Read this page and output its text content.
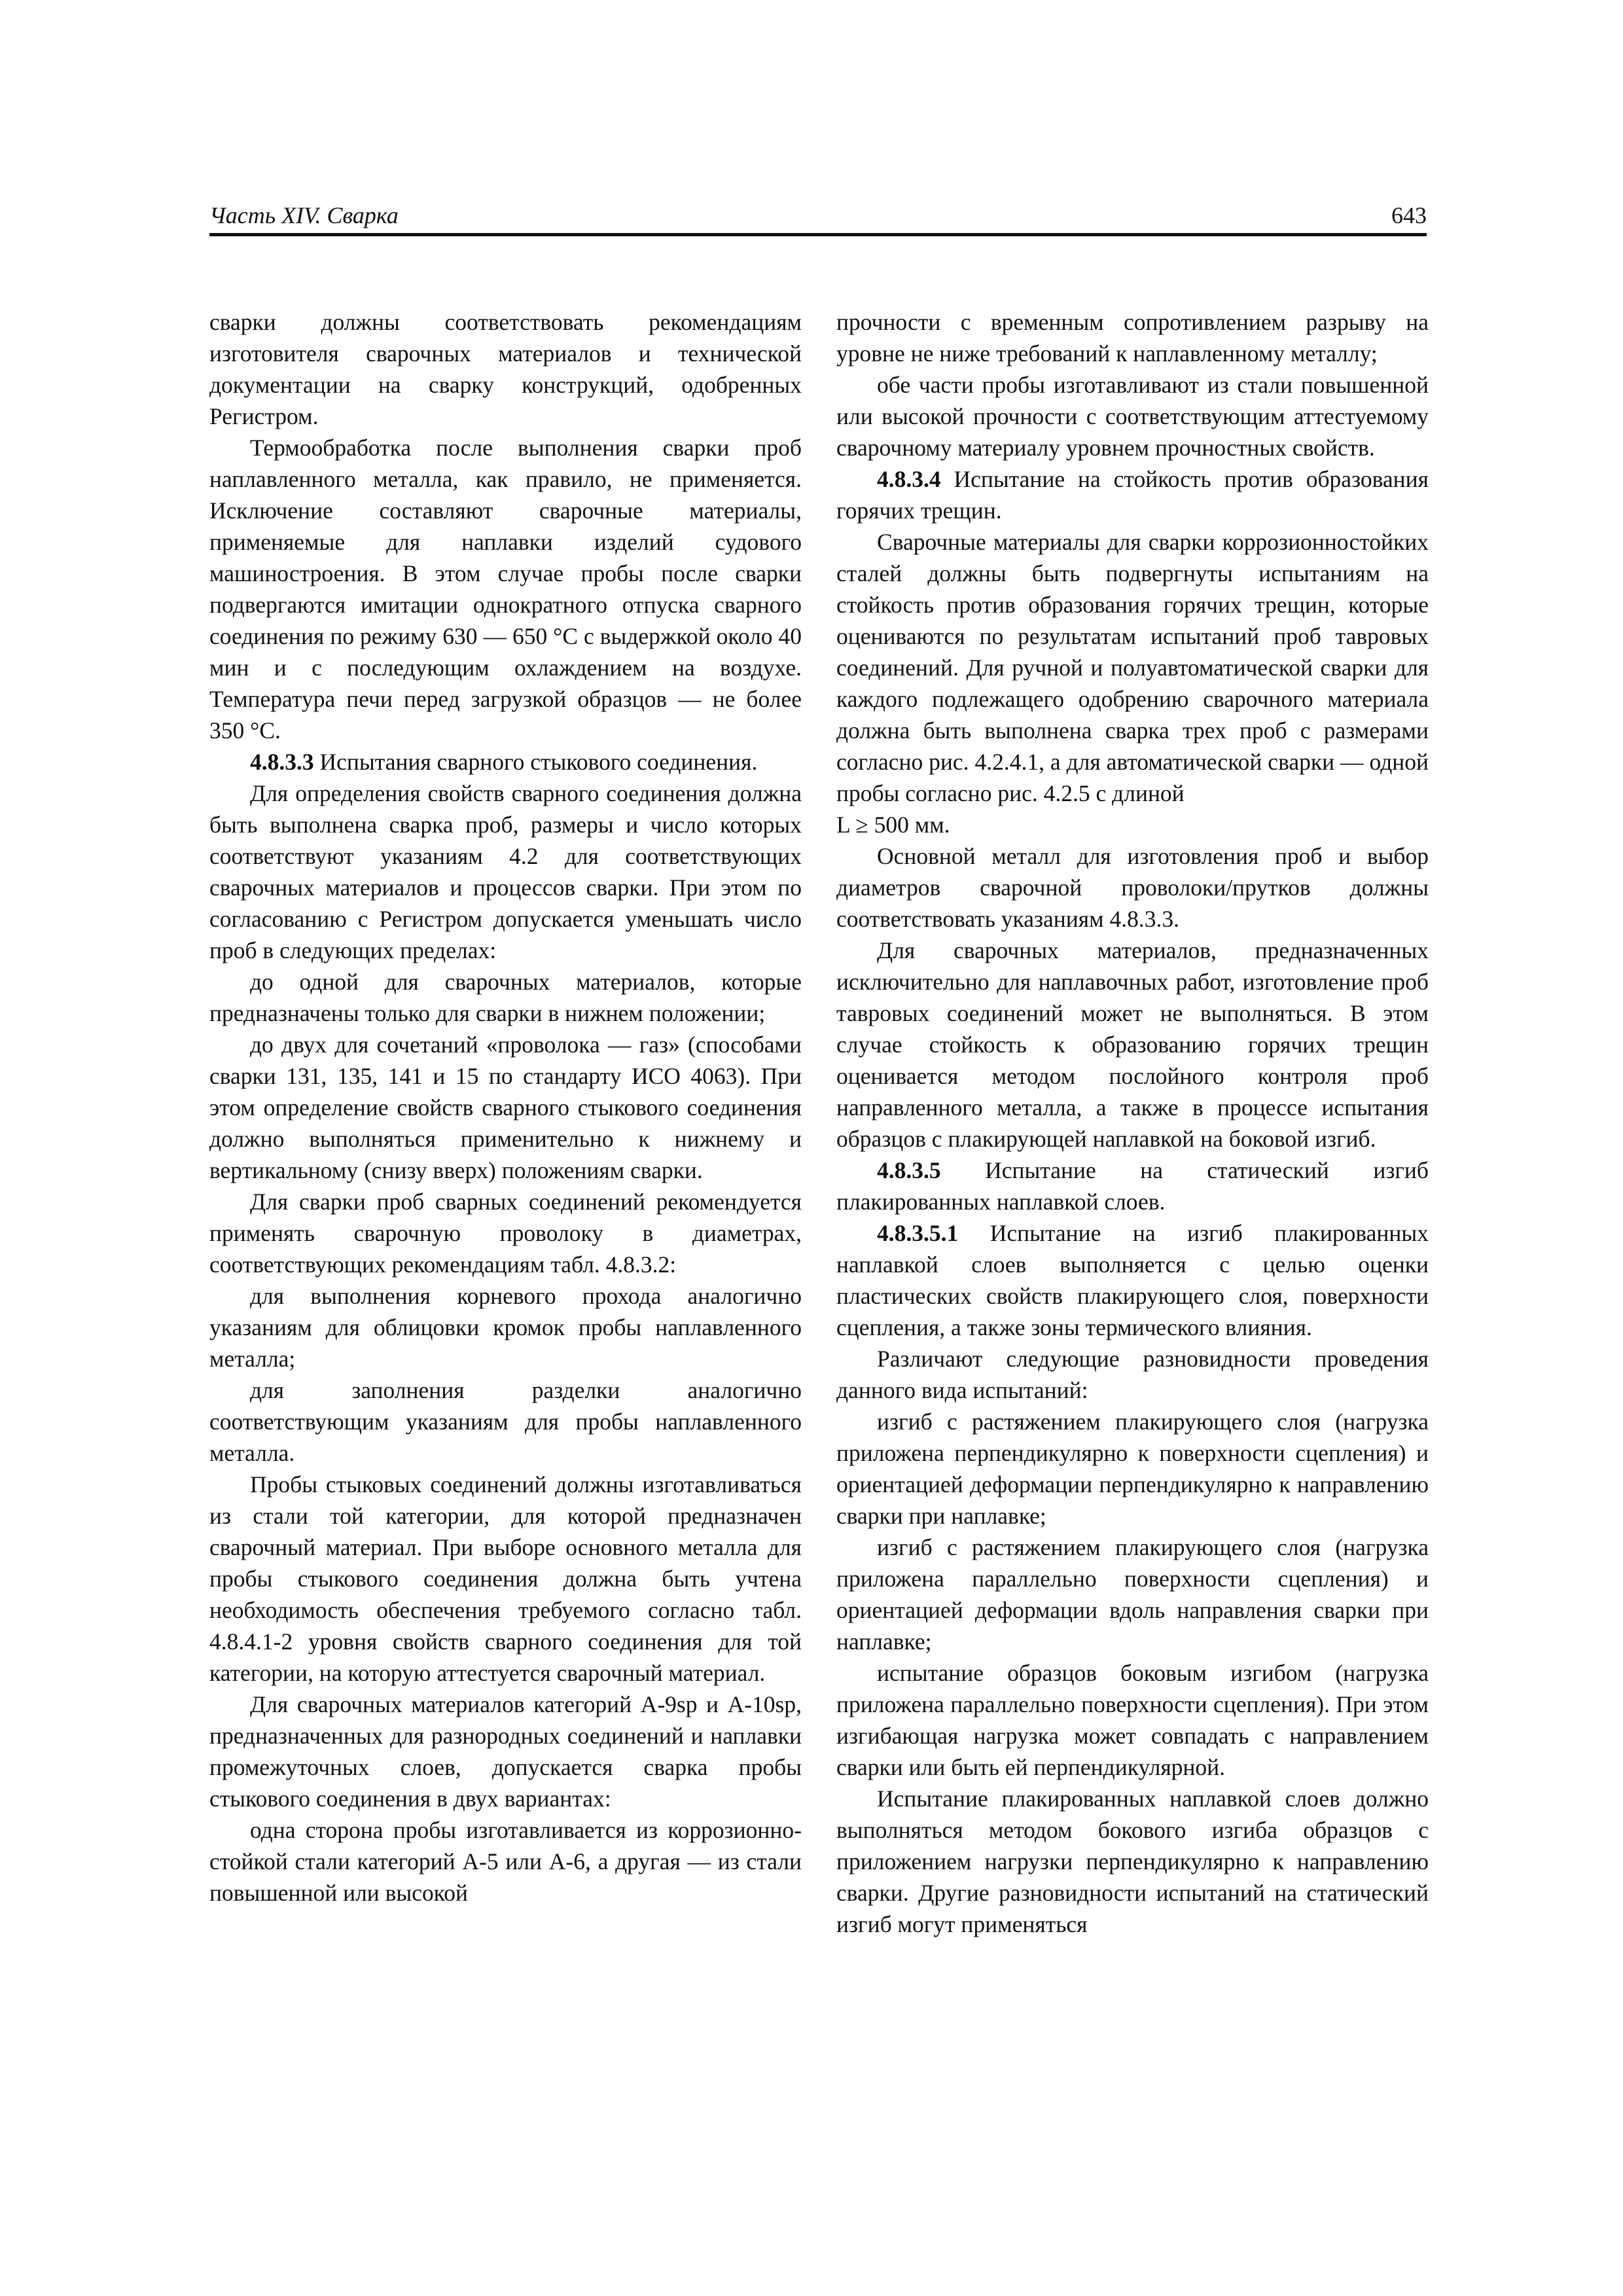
Часть XIV. Сварка	643

сварки должны соответствовать рекомендациям изготовителя сварочных материалов и технической документации на сварку конструкций, одобренных Регистром.

Термообработка после выполнения сварки проб наплавленного металла, как правило, не применяется. Исключение составляют сварочные материалы, применяемые для наплавки изделий судового машиностроения. В этом случае пробы после сварки подвергаются имитации однократного отпуска сварного соединения по режиму 630 — 650 °С с выдержкой около 40 мин и с последующим охлаждением на воздухе. Температура печи перед загрузкой образцов — не более 350 °С.

4.8.3.3 Испытания сварного стыкового соединения.

Для определения свойств сварного соединения должна быть выполнена сварка проб, размеры и число которых соответствуют указаниям 4.2 для соответствующих сварочных материалов и процессов сварки. При этом по согласованию с Регистром допускается уменьшать число проб в следующих пределах:

до одной для сварочных материалов, которые предназначены только для сварки в нижнем положении;

до двух для сочетаний «проволока — газ» (способами сварки 131, 135, 141 и 15 по стандарту ИСО 4063). При этом определение свойств сварного стыкового соединения должно выполняться применительно к нижнему и вертикальному (снизу вверх) положениям сварки.

Для сварки проб сварных соединений рекомендуется применять сварочную проволоку в диаметрах, соответствующих рекомендациям табл. 4.8.3.2:

для выполнения корневого прохода аналогично указаниям для облицовки кромок пробы наплавленного металла;

для заполнения разделки аналогично соответствующим указаниям для пробы наплавленного металла.

Пробы стыковых соединений должны изготавливаться из стали той категории, для которой предназначен сварочный материал. При выборе основного металла для пробы стыкового соединения должна быть учтена необходимость обеспечения требуемого согласно табл. 4.8.4.1-2 уровня свойств сварного соединения для той категории, на которую аттестуется сварочный материал.

Для сварочных материалов категорий А-9sp и А-10sp, предназначенных для разнородных соединений и наплавки промежуточных слоев, допускается сварка пробы стыкового соединения в двух вариантах:

одна сторона пробы изготавливается из коррозионно-стойкой стали категорий А-5 или А-6, а другая — из стали повышенной или высокой

прочности с временным сопротивлением разрыву на уровне не ниже требований к наплавленному металлу;

обе части пробы изготавливают из стали повышенной или высокой прочности с соответствующим аттестуемому сварочному материалу уровнем прочностных свойств.

4.8.3.4 Испытание на стойкость против образования горячих трещин.

Сварочные материалы для сварки коррозионностойких сталей должны быть подвергнуты испытаниям на стойкость против образования горячих трещин, которые оцениваются по результатам испытаний проб тавровых соединений. Для ручной и полуавтоматической сварки для каждого подлежащего одобрению сварочного материала должна быть выполнена сварка трех проб с размерами согласно рис. 4.2.4.1, а для автоматической сварки — одной пробы согласно рис. 4.2.5 с длиной

L ≥ 500 мм.

Основной металл для изготовления проб и выбор диаметров сварочной проволоки/прутков должны соответствовать указаниям 4.8.3.3.

Для сварочных материалов, предназначенных исключительно для наплавочных работ, изготовление проб тавровых соединений может не выполняться. В этом случае стойкость к образованию горячих трещин оценивается методом послойного контроля проб направленного металла, а также в процессе испытания образцов с плакирующей наплавкой на боковой изгиб.

4.8.3.5 Испытание на статический изгиб плакированных наплавкой слоев.

4.8.3.5.1 Испытание на изгиб плакированных наплавкой слоев выполняется с целью оценки пластических свойств плакирующего слоя, поверхности сцепления, а также зоны термического влияния.

Различают следующие разновидности проведения данного вида испытаний:

изгиб с растяжением плакирующего слоя (нагрузка приложена перпендикулярно к поверхности сцепления) и ориентацией деформации перпендикулярно к направлению сварки при наплавке;

изгиб с растяжением плакирующего слоя (нагрузка приложена параллельно поверхности сцепления) и ориентацией деформации вдоль направления сварки при наплавке;

испытание образцов боковым изгибом (нагрузка приложена параллельно поверхности сцепления). При этом изгибающая нагрузка может совпадать с направлением сварки или быть ей перпендикулярной.

Испытание плакированных наплавкой слоев должно выполняться методом бокового изгиба образцов с приложением нагрузки перпендикулярно к направлению сварки. Другие разновидности испытаний на статический изгиб могут применяться
